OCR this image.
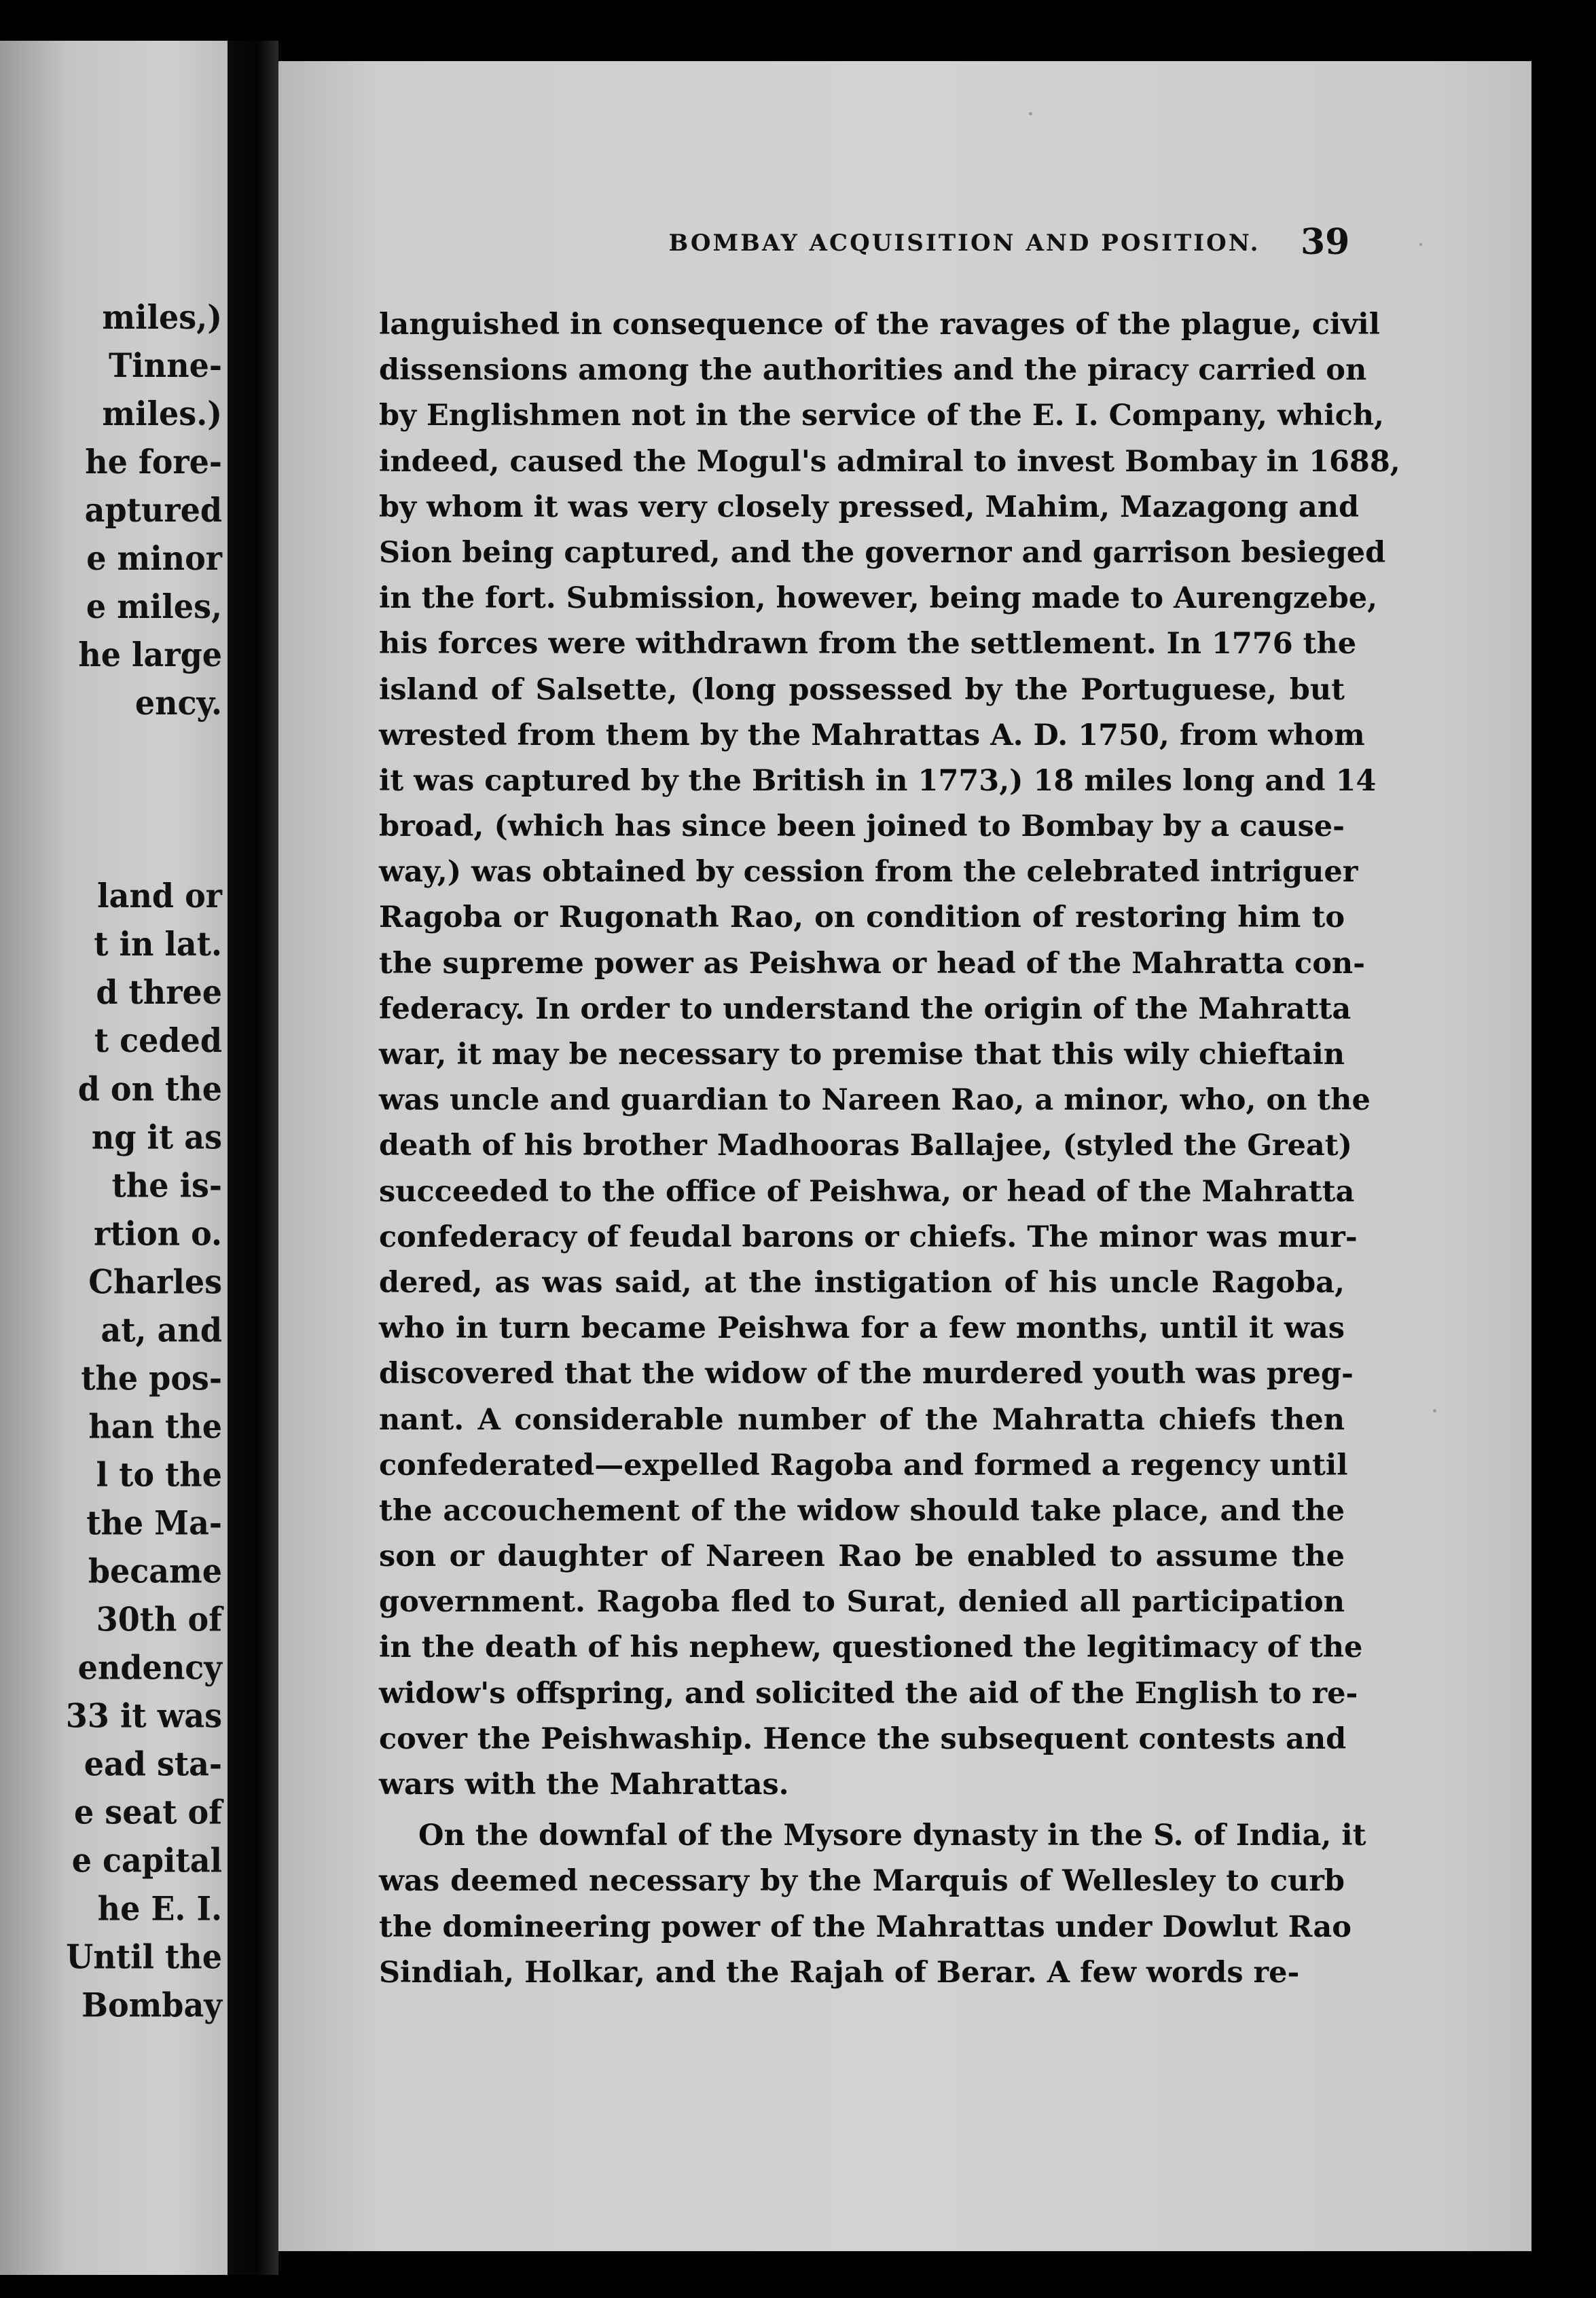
miles,)
Tinne-
miles.)
he fore-
aptured
e minor
e miles,
he large
ency.
land or
t in lat.
d three
t ceded
d on the
ng it as
the is-
rtion o.
Charles
at, and
the pos-
han the
l to the
the Ma-
became
30th of
endency
33 it was
ead sta-
e seat of
e capital
he E. I.
Until the
Bombay
BOMBAY ACQUISITION AND POSITION.	39
languished in consequence of the ravages of the plague, civil
dissensions among the authorities and the piracy carried on
by Englishmen not in the service of the E. I. Company, which,
indeed, caused the Mogul's admiral to invest Bombay in 1688,
by whom it was very closely pressed, Mahim, Mazagong and
Sion being captured, and the governor and garrison besieged
in the fort. Submission, however, being made to Aurengzebe,
his forces were withdrawn from the settlement. In 1776 the
island of Salsette, (long possessed by the Portuguese, but
wrested from them by the Mahrattas A. D. 1750, from whom
it was captured by the British in 1773,) 18 miles long and 14
broad, (which has since been joined to Bombay by a cause-
way,) was obtained by cession from the celebrated intriguer
Ragoba or Rugonath Rao, on condition of restoring him to
the supreme power as Peishwa or head of the Mahratta con-
federacy. In order to understand the origin of the Mahratta
war, it may be necessary to premise that this wily chieftain
was uncle and guardian to Nareen Rao, a minor, who, on the
death of his brother Madhooras Ballajee, (styled the Great)
succeeded to the office of Peishwa, or head of the Mahratta
confederacy of feudal barons or chiefs. The minor was mur-
dered, as was said, at the instigation of his uncle Ragoba,
who in turn became Peishwa for a few months, until it was
discovered that the widow of the murdered youth was preg-
nant. A considerable number of the Mahratta chiefs then
confederated—expelled Ragoba and formed a regency until
the accouchement of the widow should take place, and the
son or daughter of Nareen Rao be enabled to assume the
government. Ragoba fled to Surat, denied all participation
in the death of his nephew, questioned the legitimacy of the
widow's offspring, and solicited the aid of the English to re-
cover the Peishwaship. Hence the subsequent contests and
wars with the Mahrattas.
On the downfal of the Mysore dynasty in the S. of India, it
was deemed necessary by the Marquis of Wellesley to curb
the domineering power of the Mahrattas under Dowlut Rao
Sindiah, Holkar, and the Rajah of Berar. A few words re-
